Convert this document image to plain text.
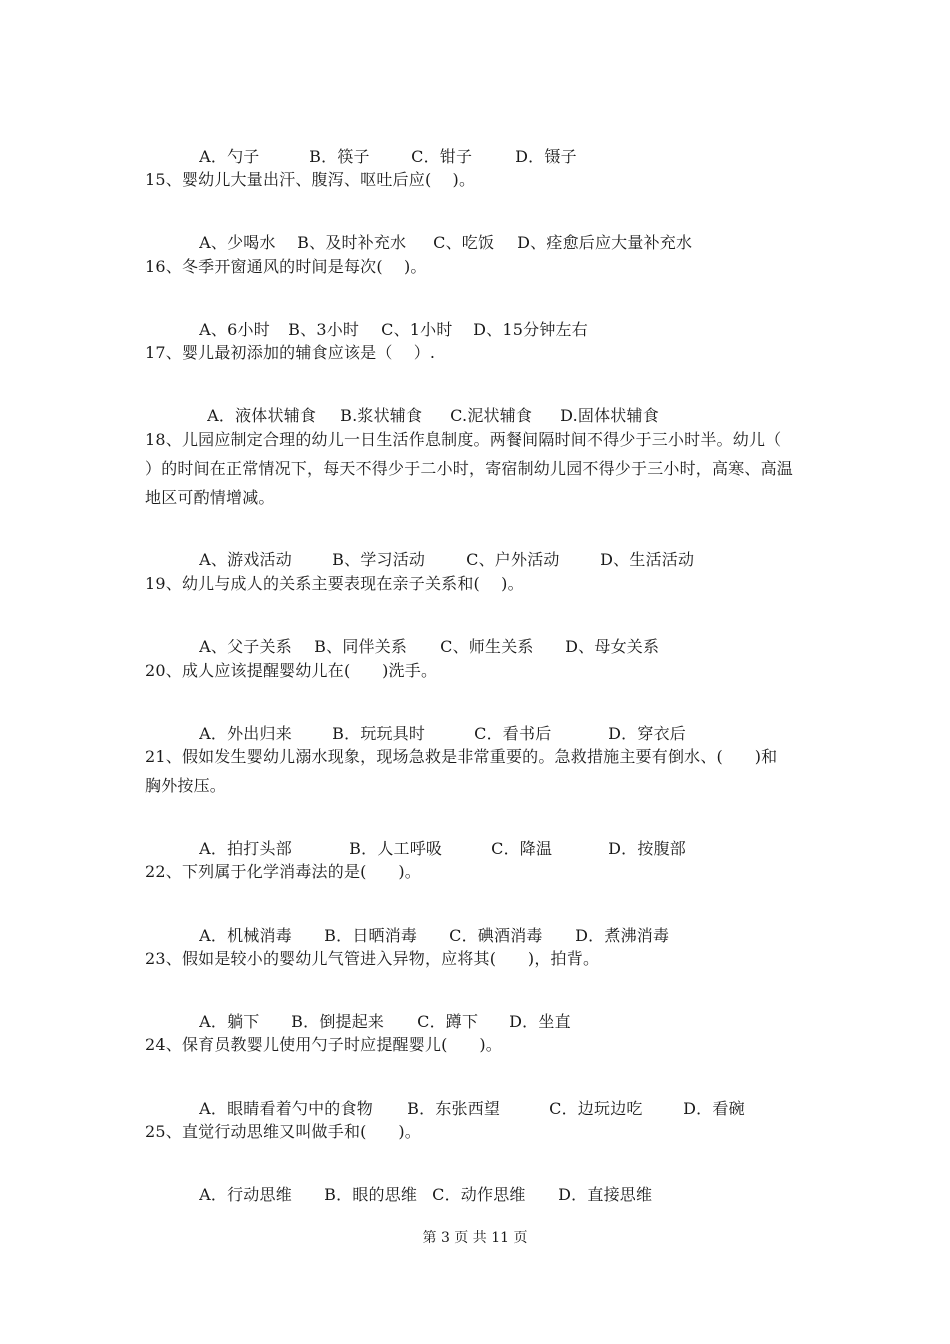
A．勺子	B．筷子	C．钳子	D．镊子

15、婴幼儿大量出汗、腹泻、呕吐后应(    )。

A、少喝水 B、及时补充水 C、吃饭 D、痊愈后应大量补充水

16、冬季开窗通风的时间是每次(    )。

A、6小时 B、3小时 C、1小时 D、15分钟左右

17、婴儿最初添加的辅食应该是（    ）.

A．液体状辅食 B.浆状辅食 C.泥状辅食 D.固体状辅食

18、儿园应制定合理的幼儿一日生活作息制度。两餐间隔时间不得少于三小时半。幼儿（
）的时间在正常情况下，每天不得少于二小时，寄宿制幼儿园不得少于三小时，高寒、高温
地区可酌情增减。

A、游戏活动	B、学习活动	C、户外活动	D、生活活动

19、幼儿与成人的关系主要表现在亲子关系和(    )。

A、父子关系 B、同伴关系 C、师生关系 D、母女关系

20、成人应该提醒婴幼儿在(      )洗手。

A．外出归来	B．玩玩具时	C．看书后	D．穿衣后

21、假如发生婴幼儿溺水现象，现场急救是非常重要的。急救措施主要有倒水、(      )和
胸外按压。

A．拍打头部	B．人工呼吸	C．降温	D．按腹部

22、下列属于化学消毒法的是(      )。

A．机械消毒 B．日晒消毒 C．碘酒消毒 D．煮沸消毒

23、假如是较小的婴幼儿气管进入异物，应将其(      )，拍背。

A．躺下 B．倒提起来 C．蹲下 D．坐直

24、保育员教婴儿使用勺子时应提醒婴儿(      )。

A．眼睛看着勺中的食物 B．东张西望	C．边玩边吃	D．看碗

25、直觉行动思维又叫做手和(      )。

A．行动思维 B．眼的思维 C．动作思维 D．直接思维

第 3 页 共 11 页
